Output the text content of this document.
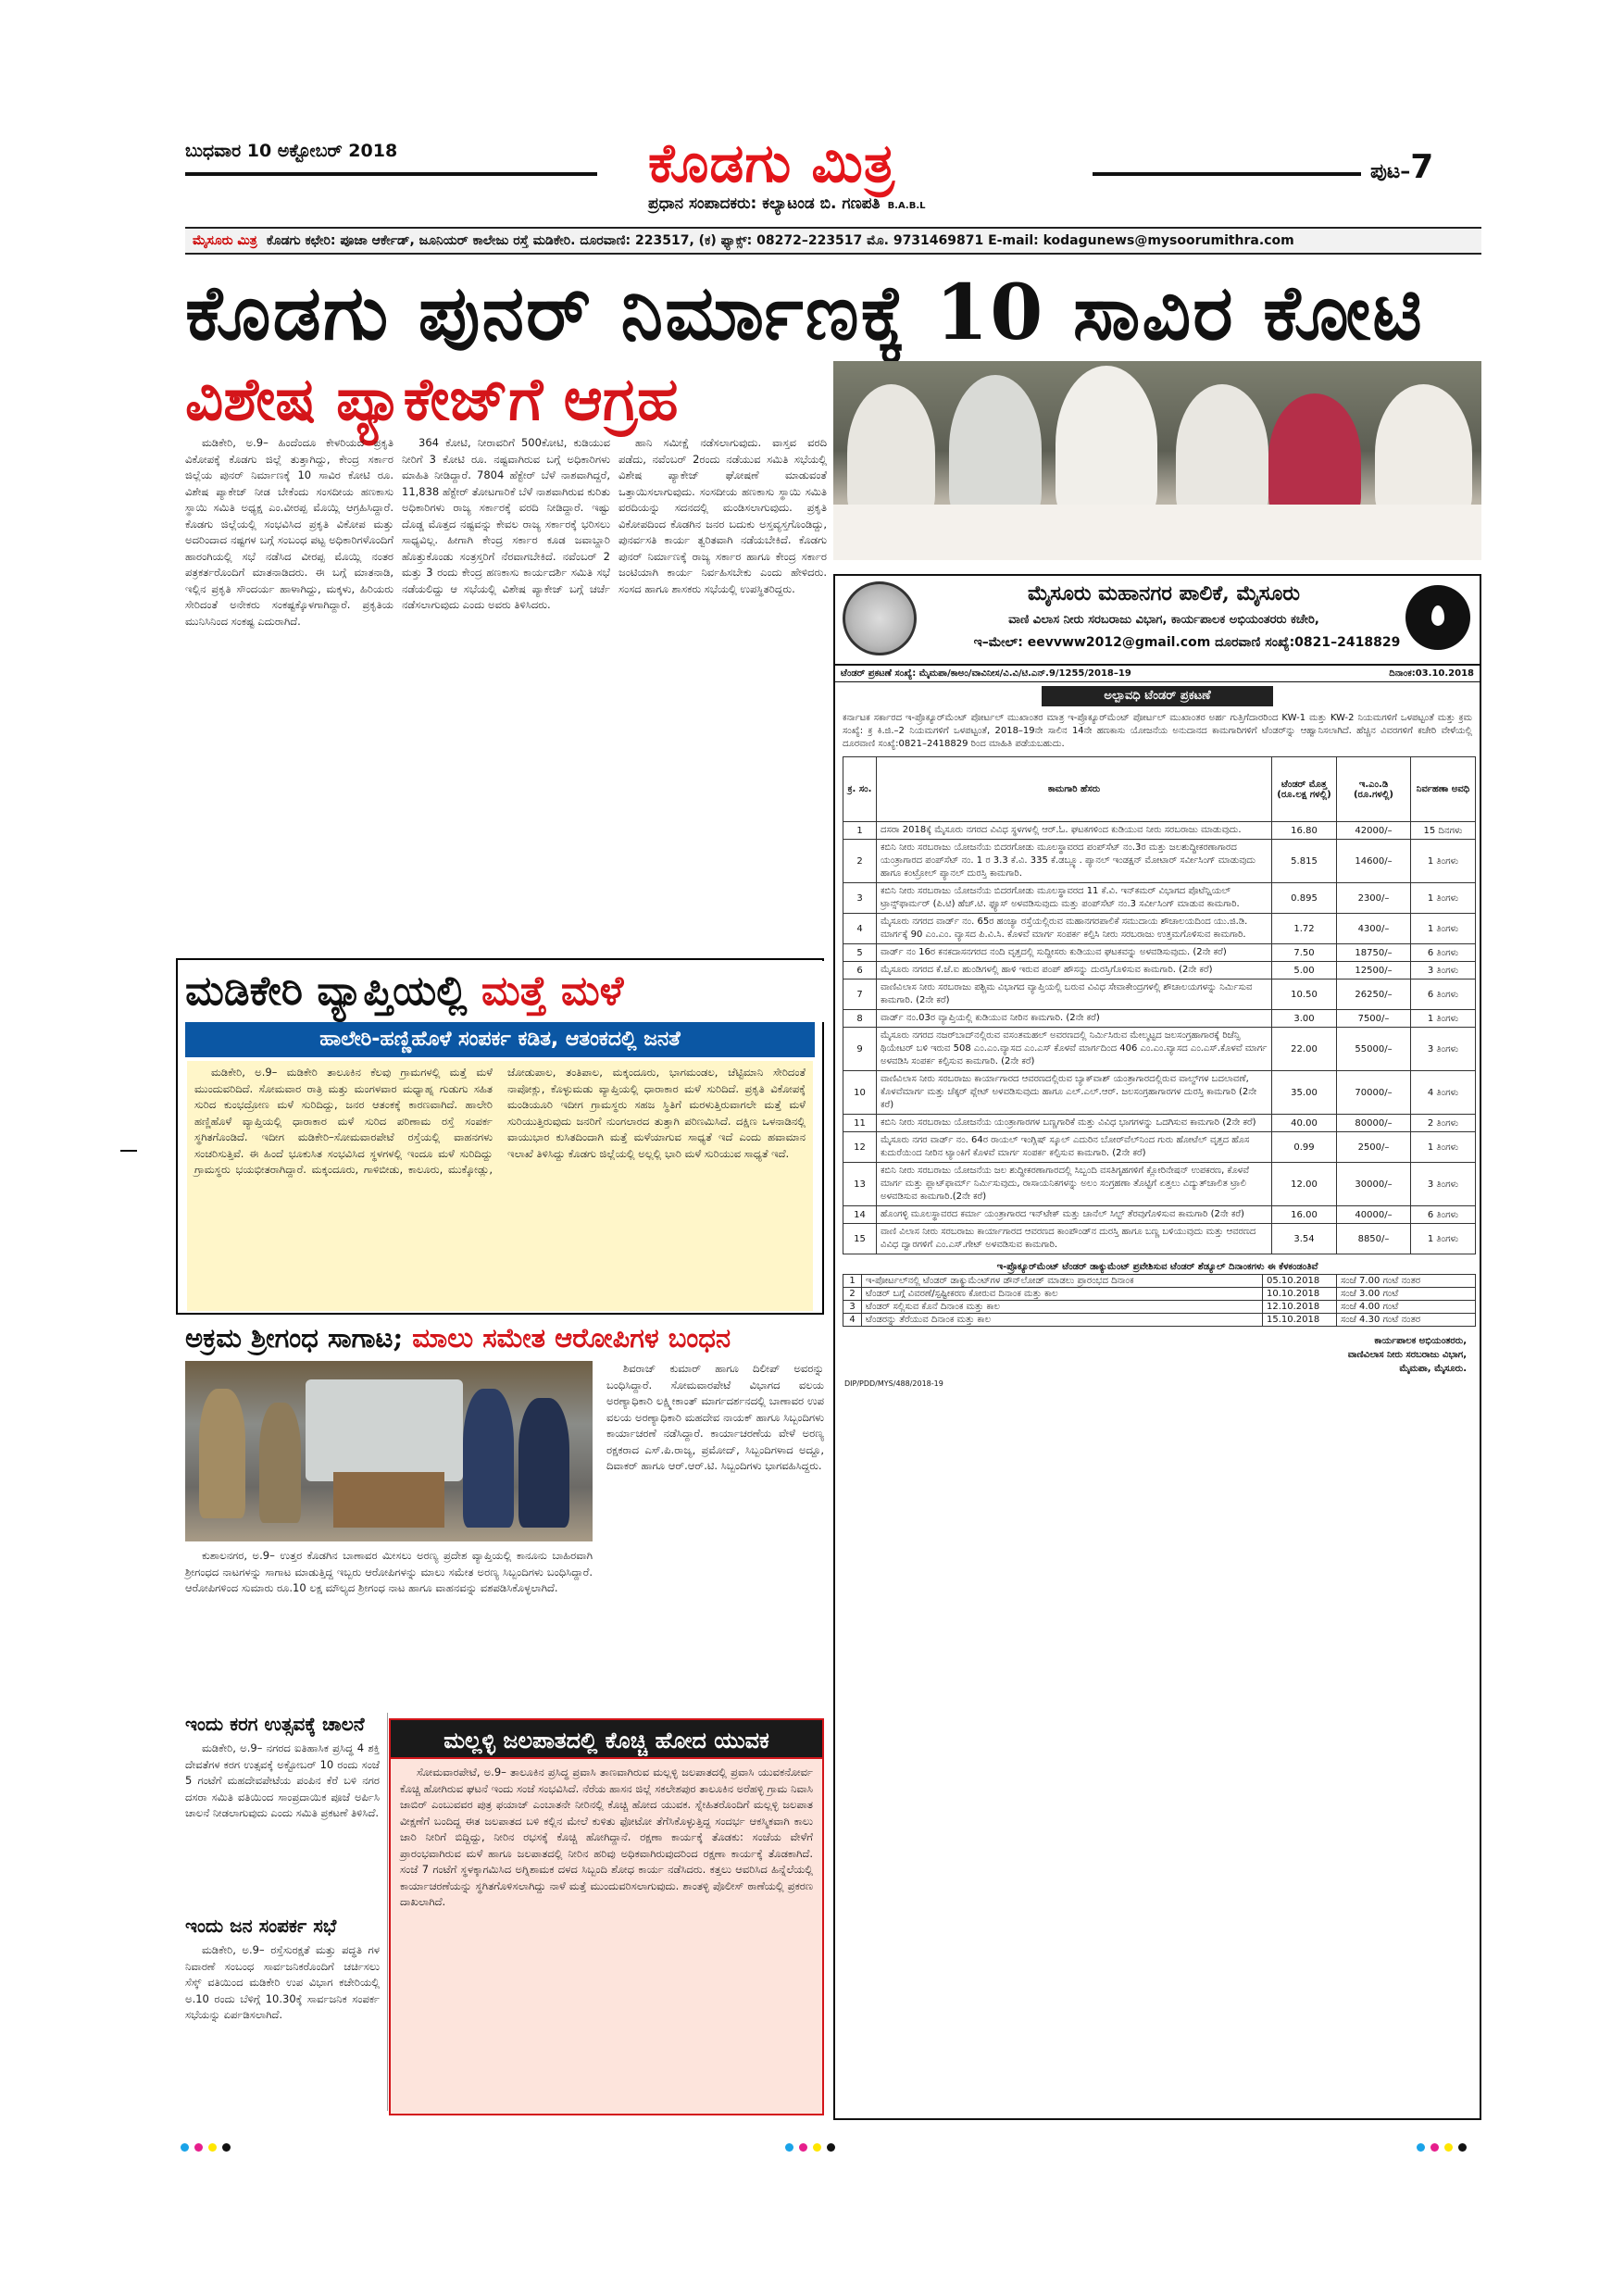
ಬುಧವಾರ 10 ಅಕ್ಟೋಬರ್ 2018	ಕೊಡಗು ಮಿತ್ರ	ಪುಟ–7
ಪ್ರಧಾನ ಸಂಪಾದಕರು: ಕಲ್ಯಾಟಂಡ ಬಿ. ಗಣಪತಿ B.A.B.L
ಮೈಸೂರು ಮಿತ್ರ ಕೊಡಗು ಕಛೇರಿ: ಪೂಜಾ ಆರ್ಕೇಡ್, ಜೂನಿಯರ್ ಕಾಲೇಜು ರಸ್ತೆ ಮಡಿಕೇರಿ. ದೂರವಾಣಿ: 223517, (ಕ) ಫ್ಯಾಕ್ಸ್: 08272–223517 ಮೊ. 9731469871 E-mail: kodagunews@mysoorumithra.com
ಕೊಡಗು ಪುನರ್ ನಿರ್ಮಾಣಕ್ಕೆ 10 ಸಾವಿರ ಕೋಟಿ
ವಿಶೇಷ ಪ್ಯಾಕೇಜ್‌ಗೆ ಆಗ್ರಹ

ಮಡಿಕೇರಿ, ಅ.9– ಹಿಂದೆಂದೂ ಕೇಳರಿಯದ ಪ್ರಕೃತಿ ವಿಕೋಪಕ್ಕೆ ಕೊಡಗು ಜಿಲ್ಲೆ ತುತ್ತಾಗಿದ್ದು, ಕೇಂದ್ರ ಸರ್ಕಾರ ಜಿಲ್ಲೆಯ ಪುನರ್ ನಿರ್ಮಾಣಕ್ಕೆ 10 ಸಾವಿರ ಕೋಟಿ ರೂ. ವಿಶೇಷ ಪ್ಯಾಕೇಜ್ ನೀಡ ಬೇಕೆಂದು ಸಂಸದೀಯ ಹಣಕಾಸು ಸ್ಥಾಯಿ ಸಮಿತಿ ಅಧ್ಯಕ್ಷ ಎಂ.ವೀರಪ್ಪ ಮೊಯ್ಲಿ ಆಗ್ರಹಿಸಿದ್ದಾರೆ. ಕೊಡಗು ಜಿಲ್ಲೆಯಲ್ಲಿ ಸಂಭವಿಸಿದ ಪ್ರಕೃತಿ ವಿಕೋಪ ಮತ್ತು ಅದರಿಂದಾದ ನಷ್ಟಗಳ ಬಗ್ಗೆ ಸಂಬಂಧ ಪಟ್ಟ ಅಧಿಕಾರಿಗಳೊಂದಿಗೆ ಹಾರಂಗಿಯಲ್ಲಿ ಸಭೆ ನಡೆಸಿದ ವೀರಪ್ಪ ಮೊಯ್ಲಿ ನಂತರ ಪತ್ರಕರ್ತರೊಂದಿಗೆ ಮಾತನಾಡಿದರು. ಈ ಬಗ್ಗೆ ಮಾತನಾಡಿ, ಇಲ್ಲಿನ ಪ್ರಕೃತಿ ಸೌಂದರ್ಯ ಹಾಳಾಗಿದ್ದು, ಮಕ್ಕಳು, ಹಿರಿಯರು ಸೇರಿದಂತೆ ಅನೇಕರು ಸಂಕಷ್ಟಕ್ಕೊಳಗಾಗಿದ್ದಾರೆ. ಪ್ರಕೃತಿಯ ಮುನಿಸಿನಿಂದ ಸಂಕಷ್ಟ ಎದುರಾಗಿದೆ.

364 ಕೋಟಿ, ನೀರಾವರಿಗೆ 500ಕೋಟಿ, ಕುಡಿಯುವ ನೀರಿಗೆ 3 ಕೋಟಿ ರೂ. ನಷ್ಟವಾಗಿರುವ ಬಗ್ಗೆ ಅಧಿಕಾರಿಗಳು ಮಾಹಿತಿ ನೀಡಿದ್ದಾರೆ. 7804 ಹೆಕ್ಟೇರ್ ಬೆಳೆ ನಾಶವಾಗಿದ್ದರೆ, 11,838 ಹೆಕ್ಟೇರ್ ತೋಟಗಾರಿಕೆ ಬೆಳೆ ನಾಶವಾಗಿರುವ ಕುರಿತು ಅಧಿಕಾರಿಗಳು ರಾಜ್ಯ ಸರ್ಕಾರಕ್ಕೆ ವರದಿ ನೀಡಿದ್ದಾರೆ. ಇಷ್ಟು ದೊಡ್ಡ ಮೊತ್ತದ ನಷ್ಟವನ್ನು ಕೇವಲ ರಾಜ್ಯ ಸರ್ಕಾರಕ್ಕೆ ಭರಿಸಲು ಸಾಧ್ಯವಿಲ್ಲ. ಹೀಗಾಗಿ ಕೇಂದ್ರ ಸರ್ಕಾರ ಕೂಡ ಜವಾಬ್ದಾರಿ ಹೊತ್ತುಕೊಂಡು ಸಂತ್ರಸ್ತರಿಗೆ ನೆರವಾಗಬೇಕಿದೆ. ನವೆಂಬರ್ 2 ಮತ್ತು 3 ರಂದು ಕೇಂದ್ರ ಹಣಕಾಸು ಕಾರ್ಯದರ್ಶಿ ಸಮಿತಿ ಸಭೆ ನಡೆಯಲಿದ್ದು ಆ ಸಭೆಯಲ್ಲಿ ವಿಶೇಷ ಪ್ಯಾಕೇಜ್ ಬಗ್ಗೆ ಚರ್ಚೆ ನಡೆಸಲಾಗುವುದು ಎಂದು ಅವರು ತಿಳಿಸಿದರು.

ಹಾನಿ ಸಮೀಕ್ಷೆ ನಡೆಸಲಾಗುವುದು. ವಾಸ್ತವ ವರದಿ ಪಡೆದು, ನವೆಂಬರ್ 2ರಂದು ನಡೆಯುವ ಸಮಿತಿ ಸಭೆಯಲ್ಲಿ ವಿಶೇಷ ಪ್ಯಾಕೇಜ್ ಘೋಷಣೆ ಮಾಡುವಂತೆ ಒತ್ತಾಯಿಸಲಾಗುವುದು. ಸಂಸದೀಯ ಹಣಕಾಸು ಸ್ಥಾಯಿ ಸಮಿತಿ ವರದಿಯನ್ನು ಸದನದಲ್ಲಿ ಮಂಡಿಸಲಾಗುವುದು. ಪ್ರಕೃತಿ ವಿಕೋಪದಿಂದ ಕೊಡಗಿನ ಜನರ ಬದುಕು ಅಸ್ತವ್ಯಸ್ತಗೊಂಡಿದ್ದು, ಪುನರ್ವಸತಿ ಕಾರ್ಯ ತ್ವರಿತವಾಗಿ ನಡೆಯಬೇಕಿದೆ. ಕೊಡಗು ಪುನರ್ ನಿರ್ಮಾಣಕ್ಕೆ ರಾಜ್ಯ ಸರ್ಕಾರ ಹಾಗೂ ಕೇಂದ್ರ ಸರ್ಕಾರ ಜಂಟಿಯಾಗಿ ಕಾರ್ಯ ನಿರ್ವಹಿಸಬೇಕು ಎಂದು ಹೇಳಿದರು. ಸಂಸದ ಹಾಗೂ ಶಾಸಕರು ಸಭೆಯಲ್ಲಿ ಉಪಸ್ಥಿತರಿದ್ದರು.

ಮಡಿಕೇರಿ ವ್ಯಾಪ್ತಿಯಲ್ಲಿ ಮತ್ತೆ ಮಳೆ
ಹಾಲೇರಿ-ಹಣ್ಣಿಹೊಳೆ ಸಂಪರ್ಕ ಕಡಿತ, ಆತಂಕದಲ್ಲಿ ಜನತೆ

ಮಡಿಕೇರಿ, ಅ.9– ಮಡಿಕೇರಿ ತಾಲೂಕಿನ ಕೆಲವು ಗ್ರಾಮಗಳಲ್ಲಿ ಮತ್ತೆ ಮಳೆ ಮುಂದುವರಿದಿದೆ. ಸೋಮವಾರ ರಾತ್ರಿ ಮತ್ತು ಮಂಗಳವಾರ ಮಧ್ಯಾಹ್ನ ಗುಡುಗು ಸಹಿತ ಸುರಿದ ಕುಂಭದ್ರೋಣ ಮಳೆ ಸುರಿದಿದ್ದು, ಜನರ ಆತಂಕಕ್ಕೆ ಕಾರಣವಾಗಿದೆ. ಹಾಲೇರಿ ಹಣ್ಣಿಹೊಳೆ ವ್ಯಾಪ್ತಿಯಲ್ಲಿ ಧಾರಾಕಾರ ಮಳೆ ಸುರಿದ ಪರಿಣಾಮ ರಸ್ತೆ ಸಂಪರ್ಕ ಸ್ಥಗಿತಗೊಂಡಿದೆ. ಇದೀಗ ಮಡಿಕೇರಿ–ಸೋಮವಾರಪೇಟೆ ರಸ್ತೆಯಲ್ಲಿ ವಾಹನಗಳು ಸಂಚರಿಸುತ್ತಿವೆ. ಈ ಹಿಂದೆ ಭೂಕುಸಿತ ಸಂಭವಿಸಿದ ಸ್ಥಳಗಳಲ್ಲಿ ಇಂದೂ ಮಳೆ ಸುರಿದಿದ್ದು ಗ್ರಾಮಸ್ಥರು ಭಯಭೀತರಾಗಿದ್ದಾರೆ. ಮಕ್ಕಂದೂರು, ಗಾಳಿಬೀಡು, ಕಾಲೂರು, ಮುಕ್ಕೋಡ್ಲು, ಜೋಡುಪಾಲ, ತಂತಿಪಾಲ, ಮಕ್ಕಂದೂರು, ಭಾಗಮಂಡಲ, ಚೆಟ್ಟಿಮಾನಿ ಸೇರಿದಂತೆ ನಾಪೋಕ್ಲು, ಕೊಳ್ಳುಮಡು ವ್ಯಾಪ್ತಿಯಲ್ಲಿ ಧಾರಾಕಾರ ಮಳೆ ಸುರಿದಿದೆ. ಪ್ರಕೃತಿ ವಿಕೋಪಕ್ಕೆ ಮಂಡಿಯೂರಿ ಇದೀಗ ಗ್ರಾಮಸ್ಥರು ಸಹಜ ಸ್ಥಿತಿಗೆ ಮರಳುತ್ತಿರುವಾಗಲೇ ಮತ್ತೆ ಮಳೆ ಸುರಿಯುತ್ತಿರುವುದು ಜನರಿಗೆ ನುಂಗಲಾರದ ತುತ್ತಾಗಿ ಪರಿಣಮಿಸಿದೆ. ದಕ್ಷಿಣ ಒಳನಾಡಿನಲ್ಲಿ ವಾಯುಭಾರ ಕುಸಿತದಿಂದಾಗಿ ಮತ್ತೆ ಮಳೆಯಾಗುವ ಸಾಧ್ಯತೆ ಇದೆ ಎಂದು ಹವಾಮಾನ ಇಲಾಖೆ ತಿಳಿಸಿದ್ದು ಕೊಡಗು ಜಿಲ್ಲೆಯಲ್ಲಿ ಅಲ್ಲಲ್ಲಿ ಭಾರಿ ಮಳೆ ಸುರಿಯುವ ಸಾಧ್ಯತೆ ಇದೆ.

ಅಕ್ರಮ ಶ್ರೀಗಂಧ ಸಾಗಾಟ; ಮಾಲು ಸಮೇತ ಆರೋಪಿಗಳ ಬಂಧನ

ಕುಶಾಲನಗರ, ಅ.9– ಉತ್ತರ ಕೊಡಗಿನ ಬಾಣಾವರ ಮೀಸಲು ಅರಣ್ಯ ಪ್ರದೇಶ ವ್ಯಾಪ್ತಿಯಲ್ಲಿ ಕಾನೂನು ಬಾಹಿರವಾಗಿ ಶ್ರೀಗಂಧದ ನಾಟಗಳನ್ನು ಸಾಗಾಟ ಮಾಡುತ್ತಿದ್ದ ಇಬ್ಬರು ಆರೋಪಿಗಳನ್ನು ಮಾಲು ಸಮೇತ ಅರಣ್ಯ ಸಿಬ್ಬಂದಿಗಳು ಬಂಧಿಸಿದ್ದಾರೆ. ಆರೋಪಿಗಳಿಂದ ಸುಮಾರು ರೂ.10 ಲಕ್ಷ ಮೌಲ್ಯದ ಶ್ರೀಗಂಧ ನಾಟ ಹಾಗೂ ವಾಹನವನ್ನು ವಶಪಡಿಸಿಕೊಳ್ಳಲಾಗಿದೆ.

ಶಿವರಾಜ್ ಕುಮಾರ್ ಹಾಗೂ ದಿಲೀಪ್ ಅವರನ್ನು ಬಂಧಿಸಿದ್ದಾರೆ. ಸೋಮವಾರಪೇಟೆ ವಿಭಾಗದ ವಲಯ ಅರಣ್ಯಾಧಿಕಾರಿ ಲಕ್ಷ್ಮೀಕಾಂತ್ ಮಾರ್ಗದರ್ಶನದಲ್ಲಿ ಬಾಣಾವರ ಉಪ ವಲಯ ಅರಣ್ಯಾಧಿಕಾರಿ ಮಹದೇವ ನಾಯಕ್ ಹಾಗೂ ಸಿಬ್ಬಂದಿಗಳು ಕಾರ್ಯಾಚರಣೆ ನಡೆಸಿದ್ದಾರೆ. ಕಾರ್ಯಾಚರಣೆಯ ವೇಳೆ ಅರಣ್ಯ ರಕ್ಷಕರಾದ ಎಸ್.ಪಿ.ರಾಜ್ಯ, ಪ್ರಮೋದ್, ಸಿಬ್ಬಂದಿಗಳಾದ ಅದ್ದೂ, ದಿವಾಕರ್ ಹಾಗೂ ಆರ್.ಆರ್.ಟಿ. ಸಿಬ್ಬಂದಿಗಳು ಭಾಗವಹಿಸಿದ್ದರು.

ಇಂದು ಕರಗ ಉತ್ಸವಕ್ಕೆ ಚಾಲನೆ

ಮಡಿಕೇರಿ, ಅ.9– ನಗರದ ಐತಿಹಾಸಿಕ ಪ್ರಸಿದ್ಧ 4 ಶಕ್ತಿ ದೇವತೆಗಳ ಕರಗ ಉತ್ಸವಕ್ಕೆ ಅಕ್ಟೋಬರ್ 10 ರಂದು ಸಂಜೆ 5 ಗಂಟೆಗೆ ಮಹದೇವಪೇಟೆಯ ಪಂಪಿನ ಕೆರೆ ಬಳಿ ನಗರ ದಸರಾ ಸಮಿತಿ ವತಿಯಿಂದ ಸಾಂಪ್ರದಾಯಿಕ ಪೂಜೆ ಅರ್ಪಿಸಿ ಚಾಲನೆ ನೀಡಲಾಗುವುದು ಎಂದು ಸಮಿತಿ ಪ್ರಕಟಣೆ ತಿಳಿಸಿದೆ.

ಇಂದು ಜನ ಸಂಪರ್ಕ ಸಭೆ

ಮಡಿಕೇರಿ, ಅ.9– ರಸ್ತೆಸುರಕ್ಷತೆ ಮತ್ತು ಪದ್ಧತಿ ಗಳ ನಿವಾರಣೆ ಸಂಬಂಧ ಸಾರ್ವಜನಿಕರೊಂದಿಗೆ ಚರ್ಚಿಸಲು ಸೆಸ್ಕ್ ವತಿಯಿಂದ ಮಡಿಕೇರಿ ಉಪ ವಿಭಾಗ ಕಚೇರಿಯಲ್ಲಿ ಅ.10 ರಂದು ಬೆಳಿಗ್ಗೆ 10.30ಕ್ಕೆ ಸಾರ್ವಜನಿಕ ಸಂಪರ್ಕ ಸಭೆಯನ್ನು ಏರ್ಪಡಿಸಲಾಗಿದೆ.

ಮಲ್ಲಳ್ಳಿ ಜಲಪಾತದಲ್ಲಿ ಕೊಚ್ಚಿ ಹೋದ ಯುವಕ

ಸೋಮವಾರಪೇಟೆ, ಅ.9– ತಾಲೂಕಿನ ಪ್ರಸಿದ್ಧ ಪ್ರವಾಸಿ ತಾಣವಾಗಿರುವ ಮಲ್ಲಳ್ಳಿ ಜಲಪಾತದಲ್ಲಿ ಪ್ರವಾಸಿ ಯುವಕನೋರ್ವ ಕೊಚ್ಚಿ ಹೋಗಿರುವ ಘಟನೆ ಇಂದು ಸಂಜೆ ಸಂಭವಿಸಿದೆ. ನೆರೆಯ ಹಾಸನ ಜಿಲ್ಲೆ ಸಕಲೇಶಪುರ ತಾಲೂಕಿನ ಅರೆಹಳ್ಳಿ ಗ್ರಾಮ ನಿವಾಸಿ ಜಾಬಿರ್ ಎಂಬುವವರ ಪುತ್ರ ಫಯಾಜ್ ಎಂಬಾತನೇ ನೀರಿನಲ್ಲಿ ಕೊಚ್ಚಿ ಹೋದ ಯುವಕ. ಸ್ನೇಹಿತರೊಂದಿಗೆ ಮಲ್ಲಳ್ಳಿ ಜಲಪಾತ ವೀಕ್ಷಣೆಗೆ ಬಂದಿದ್ದ ಈತ ಜಲಪಾತದ ಬಳಿ ಕಲ್ಲಿನ ಮೇಲೆ ಕುಳಿತು ಫೋಟೋ ತೆಗೆಸಿಕೊಳ್ಳುತ್ತಿದ್ದ ಸಂದರ್ಭ ಆಕಸ್ಮಿಕವಾಗಿ ಕಾಲು ಜಾರಿ ನೀರಿಗೆ ಬಿದ್ದಿದ್ದು, ನೀರಿನ ರಭಸಕ್ಕೆ ಕೊಚ್ಚಿ ಹೋಗಿದ್ದಾನೆ. ರಕ್ಷಣಾ ಕಾರ್ಯಕ್ಕೆ ತೊಡಕು: ಸಂಜೆಯ ವೇಳೆಗೆ ಪ್ರಾರಂಭವಾಗಿರುವ ಮಳೆ ಹಾಗೂ ಜಲಪಾತದಲ್ಲಿ ನೀರಿನ ಹರಿವು ಅಧಿಕವಾಗಿರುವುದರಿಂದ ರಕ್ಷಣಾ ಕಾರ್ಯಕ್ಕೆ ತೊಡಕಾಗಿದೆ. ಸಂಜೆ 7 ಗಂಟೆಗೆ ಸ್ಥಳಕ್ಕಾಗಮಿಸಿದ ಅಗ್ನಿಶಾಮಕ ದಳದ ಸಿಬ್ಬಂದಿ ಶೋಧ ಕಾರ್ಯ ನಡೆಸಿದರು. ಕತ್ತಲು ಆವರಿಸಿದ ಹಿನ್ನೆಲೆಯಲ್ಲಿ ಕಾರ್ಯಾಚರಣೆಯನ್ನು ಸ್ಥಗಿತಗೊಳಿಸಲಾಗಿದ್ದು ನಾಳೆ ಮತ್ತೆ ಮುಂದುವರಿಸಲಾಗುವುದು. ಶಾಂತಳ್ಳಿ ಪೊಲೀಸ್ ಠಾಣೆಯಲ್ಲಿ ಪ್ರಕರಣ ದಾಖಲಾಗಿದೆ.

ಮೈಸೂರು ಮಹಾನಗರ ಪಾಲಿಕೆ, ಮೈಸೂರು
ವಾಣಿ ವಿಲಾಸ ನೀರು ಸರಬರಾಜು ವಿಭಾಗ, ಕಾರ್ಯಪಾಲಕ ಅಭಿಯಂತರರು ಕಚೇರಿ,
ಇ–ಮೇಲ್: eevvww2012@gmail.com ದೂರವಾಣಿ ಸಂಖ್ಯೆ:0821–2418829
ಟೆಂಡರ್ ಪ್ರಕಟಣೆ ಸಂಖ್ಯೆ: ಮೈಮಪಾ/ಕಾಅಂ/ವಾವಿನೀಸ/ವಿ.ವಿ/ಟಿ.ಎನ್.9/1255/2018–19	ದಿನಾಂಕ:03.10.2018
ಅಲ್ಪಾವಧಿ ಟೆಂಡರ್ ಪ್ರಕಟಣೆ
ಕರ್ನಾಟಕ ಸರ್ಕಾರದ ಇ-ಪ್ರೊಕ್ಯೂರ್‌ಮೆಂಟ್ ಪೋರ್ಟಲ್ ಮುಖಾಂತರ ಮಾತ್ರ ಇ-ಪ್ರೊಕ್ಯೂರ್‌ಮೆಂಟ್ ಪೋರ್ಟಲ್ ಮುಖಾಂತರ ಅರ್ಹ ಗುತ್ತಿಗೆದಾರರಿಂದ KW-1 ಮತ್ತು KW-2 ನಿಯಮಗಳಿಗೆ ಒಳಪಟ್ಟಂತೆ ಮತ್ತು ಕ್ರಮ ಸಂಖ್ಯೆ: ಕ್ರ ಕಿ.ಜಿ.–2 ನಿಯಮಗಳಿಗೆ ಒಳಪಟ್ಟಂತೆ, 2018–19ನೇ ಸಾಲಿನ 14ನೇ ಹಣಕಾಸು ಯೋಜನೆಯ ಅನುದಾನದ ಕಾಮಗಾರಿಗಳಿಗೆ ಟೆಂಡರ್‌ನ್ನು ಆಹ್ವಾನಿಸಲಾಗಿದೆ. ಹೆಚ್ಚಿನ ವಿವರಗಳಿಗೆ ಕಚೇರಿ ವೇಳೆಯಲ್ಲಿ ದೂರವಾಣಿ ಸಂಖ್ಯೆ:0821–2418829 ರಿಂದ ಮಾಹಿತಿ ಪಡೆಯಬಹುದು.
ಕ್ರ. ಸಂ.	ಕಾಮಗಾರಿ ಹೆಸರು	ಟೆಂಡರ್ ಮೊತ್ತ (ರೂ.ಲಕ್ಷ ಗಳಲ್ಲಿ)	ಇ.ಎಂ.ಡಿ (ರೂ.ಗಳಲ್ಲಿ)	ನಿರ್ವಹಣಾ ಅವಧಿ
1	ದಸರಾ 2018ಕ್ಕೆ ಮೈಸೂರು ನಗರದ ವಿವಿಧ ಸ್ಥಳಗಳಲ್ಲಿ ಆರ್.ಓ. ಘಟಕಗಳಿಂದ ಕುಡಿಯುವ ನೀರು ಸರಬರಾಜು ಮಾಡುವುದು.	16.80	42000/–	15 ದಿನಗಳು
2	ಕಬಿನಿ ನೀರು ಸರಬರಾಜು ಯೋಜನೆಯ ಬಿದರಗೋಡು ಮೂಲಸ್ಥಾವರದ ಪಂಪ್‌ಸೆಟ್ ನಂ.3ರ ಮತ್ತು ಜಲಶುದ್ಧೀಕರಣಾಗಾರದ ಯಂತ್ರಾಗಾರದ ಪಂಪ್‌ಸೆಟ್ ನಂ. 1 ರ 3.3 ಕೆ.ವಿ. 335 ಕೆ.ಡಬ್ಲ್ಯೂ. ಪ್ಯಾನಲ್ ಇಂಡಕ್ಷನ್ ಮೋಟಾರ್ ಸರ್ವೀಸಿಂಗ್ ಮಾಡುವುದು ಹಾಗೂ ಕಂಟ್ರೋಲ್ ಪ್ಯಾನಲ್ ದುರಸ್ತಿ ಕಾಮಗಾರಿ.	5.815	14600/–	1 ತಿಂಗಳು
3	ಕಬಿನಿ ನೀರು ಸರಬರಾಜು ಯೋಜನೆಯ ಬಿದರಗೋಡು ಮೂಲಸ್ಥಾವರದ 11 ಕೆ.ವಿ. ಇನ್‌ಕಮರ್ ವಿಭಾಗದ ಪೊಟೆನ್ಷಿಯಲ್ ಟ್ರಾನ್ಸ್‌ಫಾರ್ಮರ್ (ಪಿ.ಟಿ) ಹೆಚ್.ಟಿ. ಫ್ಯೂಸ್ ಅಳವಡಿಸುವುದು ಮತ್ತು ಪಂಪ್‌ಸೆಟ್ ನಂ.3 ಸರ್ವೀಸಿಂಗ್ ಮಾಡುವ ಕಾಮಗಾರಿ.	0.895	2300/–	1 ತಿಂಗಳು
4	ಮೈಸೂರು ನಗರದ ವಾರ್ಡ್ ನಂ. 65ರ ಹಂಚ್ಯಾ ರಸ್ತೆಯಲ್ಲಿರುವ ಮಹಾನಗರಪಾಲಿಕೆ ಸಮುದಾಯ ಶೌಚಾಲಯದಿಂದ ಯು.ಜಿ.ಡಿ. ಮಾರ್ಗಕ್ಕೆ 90 ಎಂ.ಎಂ. ವ್ಯಾಸದ ಪಿ.ವಿ.ಸಿ. ಕೊಳವೆ ಮಾರ್ಗ ಸಂಪರ್ಕ ಕಲ್ಪಿಸಿ ನೀರು ಸರಬರಾಜು ಉತ್ತಮಗೊಳಿಸುವ ಕಾಮಗಾರಿ.	1.72	4300/–	1 ತಿಂಗಳು
5	ವಾರ್ಡ್ ನಂ 16ರ ಕನಕದಾಸನಗರದ ನಂದಿ ವೃತ್ತದಲ್ಲಿ ಸುದ್ದೀಸರು ಕುಡಿಯುವ ಘಟಕವನ್ನು ಅಳವಡಿಸುವುದು. (2ನೇ ಕರೆ)	7.50	18750/–	6 ತಿಂಗಳು
6	ಮೈಸೂರು ನಗರದ ಕೆ.ಜೆ.ಐ ಹುಂಡಿಗಳಲ್ಲಿ ಹಾಳಿ ಇರುವ ಪಂಪ್ ಹೌಸನ್ನು ದುರಸ್ತಿಗೊಳಿಸುವ ಕಾಮಗಾರಿ. (2ನೇ ಕರೆ)	5.00	12500/–	3 ತಿಂಗಳು
7	ವಾಣಿವಿಲಾಸ ನೀರು ಸರಬರಾಜು ಪಶ್ಚಿಮ ವಿಭಾಗದ ವ್ಯಾಪ್ತಿಯಲ್ಲಿ ಬರುವ ವಿವಿಧ ಸೇವಾಕೇಂದ್ರಗಳಲ್ಲಿ ಶೌಚಾಲಯಗಳನ್ನು ನಿರ್ಮಿಸುವ ಕಾಮಗಾರಿ. (2ನೇ ಕರೆ)	10.50	26250/–	6 ತಿಂಗಳು
8	ವಾರ್ಡ್ ನಂ.03ರ ವ್ಯಾಪ್ತಿಯಲ್ಲಿ ಕುಡಿಯುವ ನೀರಿನ ಕಾಮಗಾರಿ. (2ನೇ ಕರೆ)	3.00	7500/–	1 ತಿಂಗಳು
9	ಮೈಸೂರು ನಗರದ ನಜರ್‌ಬಾದ್‌ನಲ್ಲಿರುವ ವಸಂತಮಹಲ್ ಅವರಣದಲ್ಲಿ ನಿರ್ಮಿಸಿರುವ ಮೇಲ್ಮಟ್ಟದ ಜಲಸಂಗ್ರಹಾಗಾರಕ್ಕೆ ರಿಜೆನ್ಸಿ ಥಿಯೇಟರ್ ಬಳಿ ಇರುವ 508 ಎಂ.ಎಂ.ವ್ಯಾಸದ ಎಂ.ಎಸ್ ಕೊಳವೆ ಮಾರ್ಗದಿಂದ 406 ಎಂ.ಎಂ.ವ್ಯಾಸದ ಎಂ.ಎಸ್.ಕೊಳವೆ ಮಾರ್ಗ ಅಳವಡಿಸಿ ಸಂಪರ್ಕ ಕಲ್ಪಿಸುವ ಕಾಮಗಾರಿ. (2ನೇ ಕರೆ)	22.00	55000/–	3 ತಿಂಗಳು
10	ವಾಣಿವಿಲಾಸ ನೀರು ಸರಬರಾಜು ಕಾರ್ಯಾಗಾರದ ಆವರಣದಲ್ಲಿರುವ ಬ್ಯಾಕ್‌ವಾಶ್ ಯಂತ್ರಾಗಾರದಲ್ಲಿರುವ ವಾಲ್ವ್‌ಗಳ ಬದಲಾವಣೆ, ಕೊಳವೆಮಾರ್ಗ ಮತ್ತು ಚೆಕ್ಕರ್ ಪ್ಲೇಟ್ ಅಳವಡಿಸುವುದು ಹಾಗೂ ಎಲ್.ಎಲ್.ಆರ್. ಜಲಸಂಗ್ರಹಾಗಾರಗಳ ದುರಸ್ತಿ ಕಾಮಗಾರಿ (2ನೇ ಕರೆ)	35.00	70000/–	4 ತಿಂಗಳು
11	ಕಬಿನಿ ನೀರು ಸರಬರಾಜು ಯೋಜನೆಯ ಯಂತ್ರಾಗಾರಗಳ ಬಣ್ಣಗಾರಿಕೆ ಮತ್ತು ವಿವಿಧ ಭಾಗಗಳನ್ನು ಒದಗಿಸುವ ಕಾಮಗಾರಿ (2ನೇ ಕರೆ)	40.00	80000/–	2 ತಿಂಗಳು
12	ಮೈಸೂರು ನಗರ ವಾರ್ಡ್ ನಂ. 64ರ ರಾಯಲ್ ಇಂಗ್ಲಿಷ್ ಸ್ಕೂಲ್ ಎದುರಿನ ಬೋರ್‌ವೆಲ್‌ನಿಂದ ಗುರು ಹೋಟೆಲ್ ವೃತ್ತದ ಹೊಸ ಕುದುರೆಯಿಂದ ನೀರಿನ ಟ್ಯಾಂಕಿಗೆ ಕೊಳವೆ ಮಾರ್ಗ ಸಂಪರ್ಕ ಕಲ್ಪಿಸುವ ಕಾಮಗಾರಿ. (2ನೇ ಕರೆ)	0.99	2500/–	1 ತಿಂಗಳು
13	ಕಬಿನಿ ನೀರು ಸರಬರಾಜು ಯೋಜನೆಯ ಜಲ ಶುದ್ಧೀಕರಣಾಗಾರದಲ್ಲಿ ಸಿಬ್ಬಂದಿ ವಸತಿಗೃಹಗಳಿಗೆ ಕ್ಲೋರಿನೇಷನ್ ಉಪಕರಣ, ಕೊಳವೆ ಮಾರ್ಗ ಮತ್ತು ಪ್ಲಾಟ್‌ಫಾರ್ಮ್ ನಿರ್ಮಿಸುವುದು, ರಾಸಾಯನಿಕಗಳನ್ನು ಅಲಂ ಸಂಗ್ರಹಣಾ ತೊಟ್ಟಿಗೆ ಏತ್ತಲು ವಿದ್ಯುತ್‌ಚಾಲಿತ ಟ್ರಾಲಿ ಅಳವಡಿಸುವ ಕಾಮಗಾರಿ.(2ನೇ ಕರೆ)	12.00	30000/–	3 ತಿಂಗಳು
14	ಹೊಂಗಳ್ಳಿ ಮೂಲಸ್ಥಾವರದ ಕರ್ಮಾ ಯಂತ್ರಾಗಾರದ ಇನ್‌ಟೇಕ್ ಮತ್ತು ಚಾನೆಲ್ ಸಿಲ್ಟ್ ತೆರವುಗೊಳಿಸುವ ಕಾಮಗಾರಿ (2ನೇ ಕರೆ)	16.00	40000/–	6 ತಿಂಗಳು
15	ವಾಣಿ ವಿಲಾಸ ನೀರು ಸರಬರಾಜು ಕಾರ್ಯಾಗಾರದ ಆವರಣದ ಕಾಂಪೌಂಡ್‌ನ ದುರಸ್ತಿ ಹಾಗೂ ಬಣ್ಣ ಬಳಿಯುವುದು ಮತ್ತು ಆವರಣದ ವಿವಿಧ ದ್ವಾರಗಳಿಗೆ ಎಂ.ಎಸ್.ಗೇಟ್ ಅಳವಡಿಸುವ ಕಾಮಗಾರಿ.	3.54	8850/–	1 ತಿಂಗಳು
ಇ-ಪ್ರೊಕ್ಯೂರ್‌ಮೆಂಟ್ ಟೆಂಡರ್ ಡಾಕ್ಯುಮೆಂಟ್ ಪ್ರವೇಶಿಸುವ ಟೆಂಡರ್ ಶೆಡ್ಯೂಲ್ ದಿನಾಂಕಗಳು ಈ ಕೆಳಕಂಡಂತಿವೆ
1	ಇ-ಪೋರ್ಟಲ್‌ನಲ್ಲಿ ಟೆಂಡರ್ ಡಾಕ್ಯುಮೆಂಟ್‌ಗಳ ಡೌನ್‌ಲೋಡ್ ಮಾಡಲು ಪ್ರಾರಂಭದ ದಿನಾಂಕ	05.10.2018	ಸಂಜೆ 7.00 ಗಂಟೆ ನಂತರ
2	ಟೆಂಡರ್ ಬಗ್ಗೆ ವಿವರಣೆ/ಸ್ಪಷ್ಟೀಕರಣ ಕೋರುವ ದಿನಾಂಕ ಮತ್ತು ಕಾಲ	10.10.2018	ಸಂಜೆ 3.00 ಗಂಟೆ
3	ಟೆಂಡರ್ ಸಲ್ಲಿಸುವ ಕೊನೆ ದಿನಾಂಕ ಮತ್ತು ಕಾಲ	12.10.2018	ಸಂಜೆ 4.00 ಗಂಟೆ
4	ಟೆಂಡರನ್ನು ತೆರೆಯುವ ದಿನಾಂಕ ಮತ್ತು ಕಾಲ	15.10.2018	ಸಂಜೆ 4.30 ಗಂಟೆ ನಂತರ
ಕಾರ್ಯಪಾಲಕ ಅಭಿಯಂತರರು,
ವಾಣಿವಿಲಾಸ ನೀರು ಸರಬರಾಜು ವಿಭಾಗ,
ಮೈಮಪಾ, ಮೈಸೂರು.
DIP/PDD/MYS/488/2018-19
